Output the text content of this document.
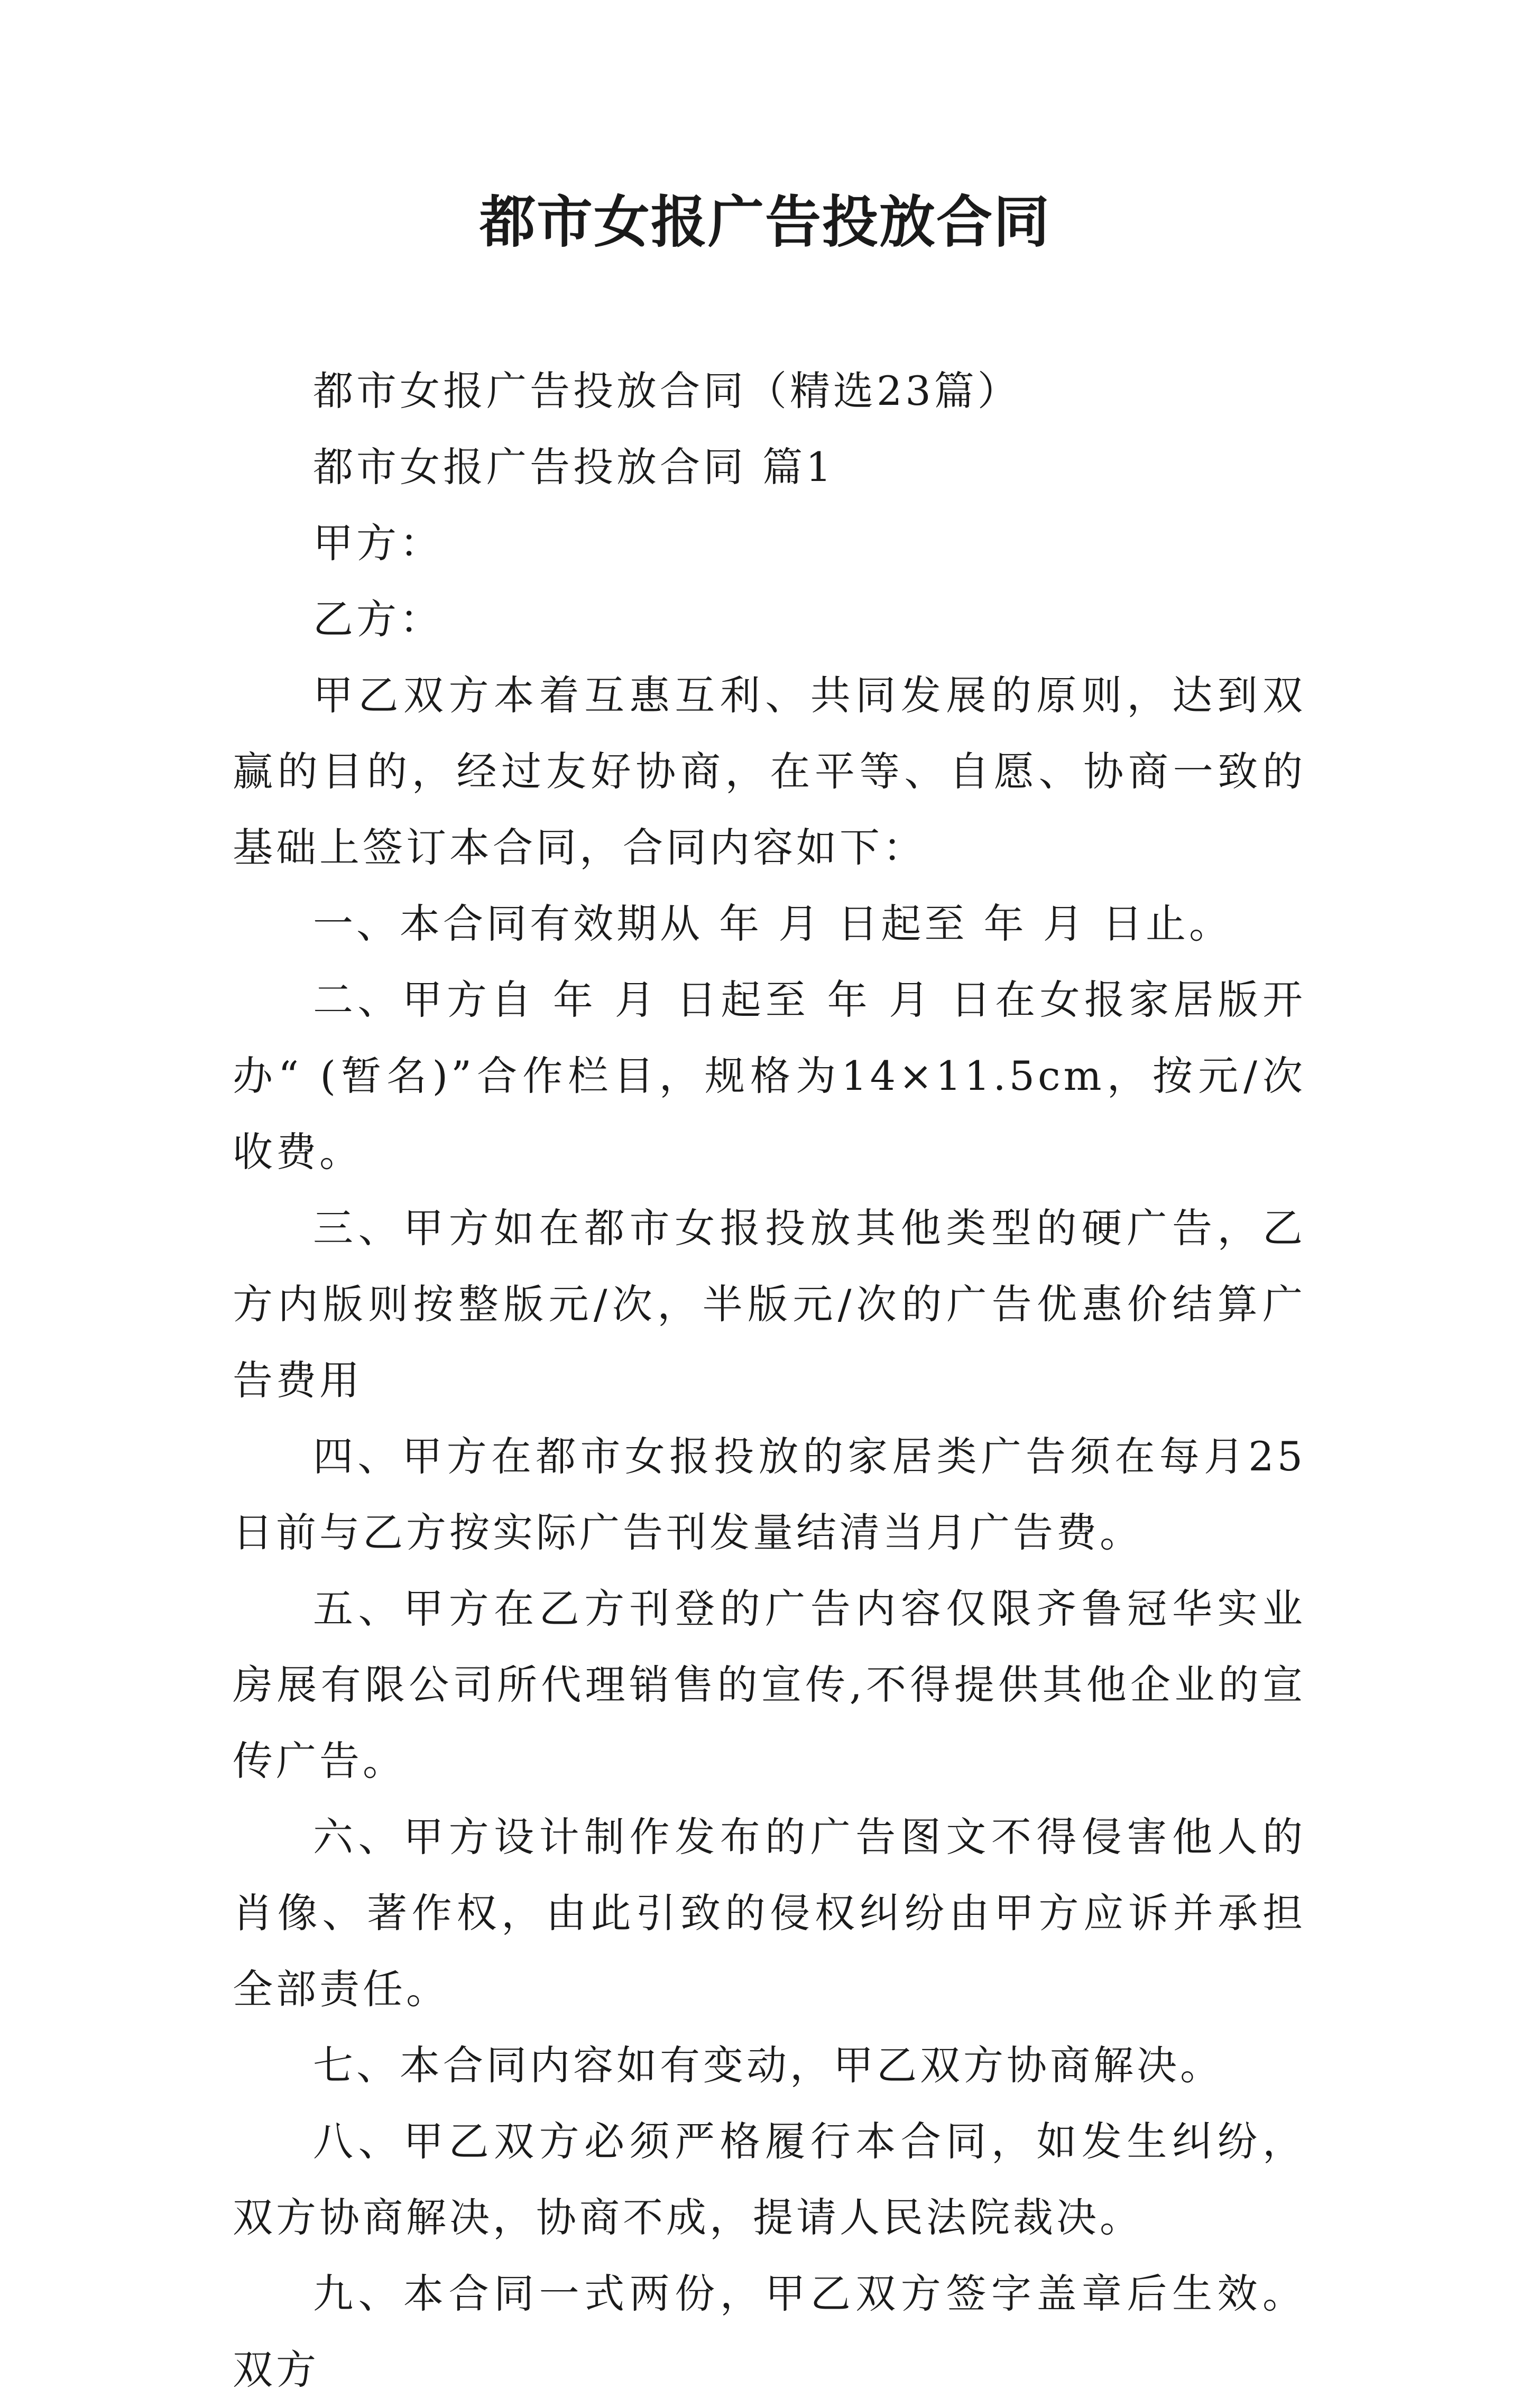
都市女报广告投放合同

都市女报广告投放合同（精选23篇）

都市女报广告投放合同 篇1

甲方：

乙方：

甲乙双方本着互惠互利、共同发展的原则，达到双赢的目的，经过友好协商，在平等、自愿、协商一致的基础上签订本合同，合同内容如下：

一、本合同有效期从 年 月 日起至 年 月 日止。

二、甲方自 年 月 日起至 年 月 日在女报家居版开办“ (暂名)”合作栏目，规格为14×11.5cm，按元/次收费。

三、甲方如在都市女报投放其他类型的硬广告，乙方内版则按整版元/次，半版元/次的广告优惠价结算广告费用

四、甲方在都市女报投放的家居类广告须在每月25日前与乙方按实际广告刊发量结清当月广告费。

五、甲方在乙方刊登的广告内容仅限齐鲁冠华实业房展有限公司所代理销售的宣传,不得提供其他企业的宣传广告。

六、甲方设计制作发布的广告图文不得侵害他人的肖像、著作权，由此引致的侵权纠纷由甲方应诉并承担全部责任。

七、本合同内容如有变动，甲乙双方协商解决。

八、甲乙双方必须严格履行本合同，如发生纠纷，双方协商解决，协商不成，提请人民法院裁决。

九、本合同一式两份，甲乙双方签字盖章后生效。双方
